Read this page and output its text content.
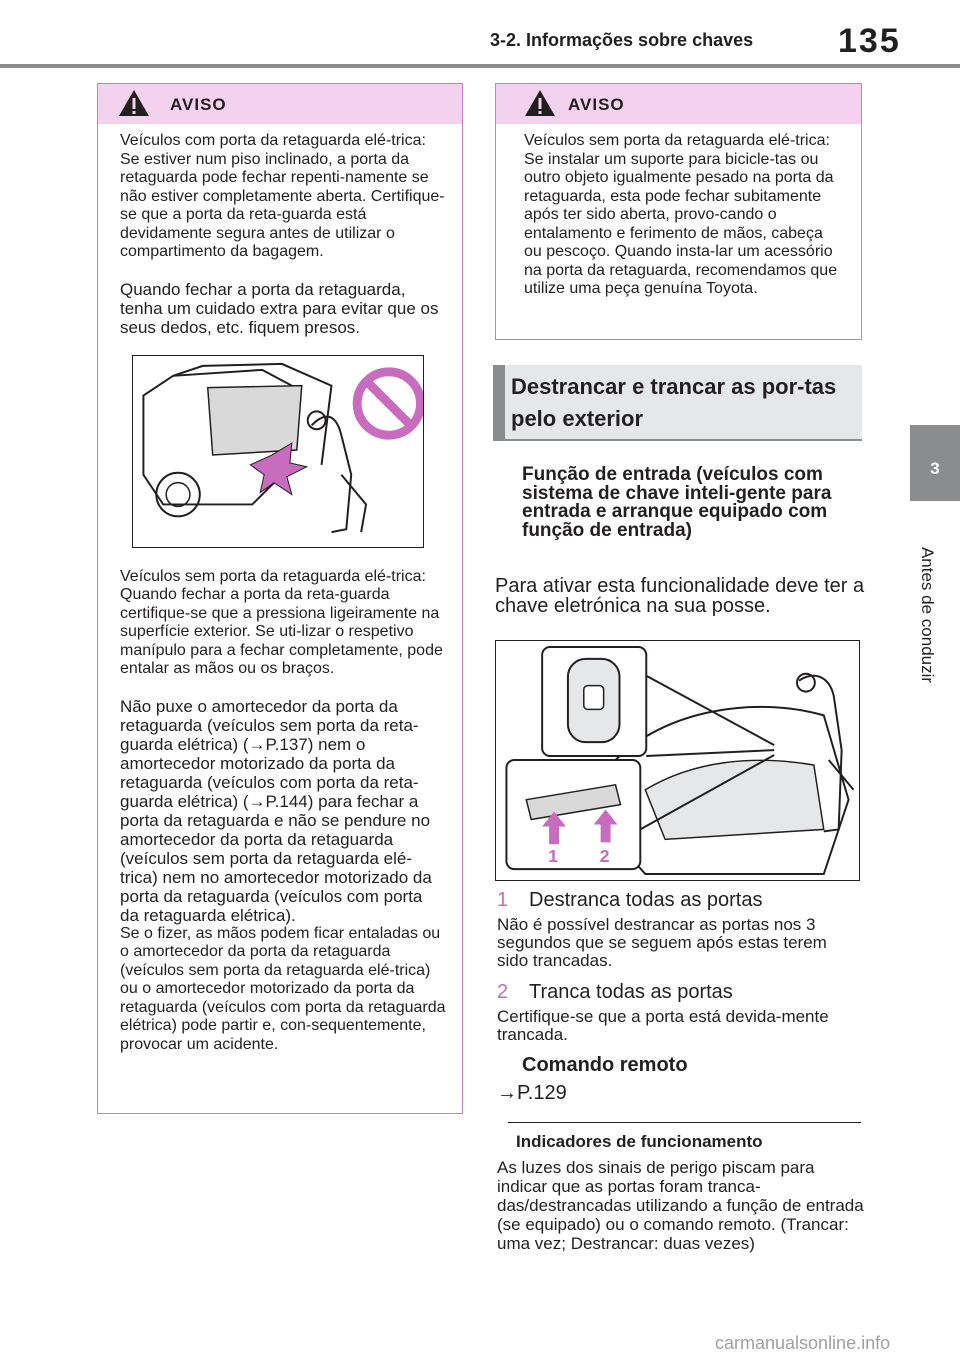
3-2. Informações sobre chaves 135
3
Antes de conduzir
AVISO

Veículos com porta da retaguarda elé-trica: Se estiver num piso inclinado, a porta da retaguarda pode fechar repenti-namente se não estiver completamente aberta. Certifique-se que a porta da reta-guarda está devidamente segura antes de utilizar o compartimento da bagagem.

Quando fechar a porta da retaguarda, tenha um cuidado extra para evitar que os seus dedos, etc. fiquem presos.

Veículos sem porta da retaguarda elé-trica: Quando fechar a porta da reta-guarda certifique-se que a pressiona ligeiramente na superfície exterior. Se uti-lizar o respetivo manípulo para a fechar completamente, pode entalar as mãos ou os braços.

Não puxe o amortecedor da porta da retaguarda (veículos sem porta da reta-guarda elétrica) (→P.137) nem o amortecedor motorizado da porta da retaguarda (veículos com porta da reta-guarda elétrica) (→P.144) para fechar a porta da retaguarda e não se pendure no amortecedor da porta da retaguarda (veículos sem porta da retaguarda elé-trica) nem no amortecedor motorizado da porta da retaguarda (veículos com porta da retaguarda elétrica).

Se o fizer, as mãos podem ficar entaladas ou o amortecedor da porta da retaguarda (veículos sem porta da retaguarda elé-trica) ou o amortecedor motorizado da porta da retaguarda (veículos com porta da retaguarda elétrica) pode partir e, con-sequentemente, provocar um acidente.

AVISO

Veículos sem porta da retaguarda elé-trica: Se instalar um suporte para bicicle-tas ou outro objeto igualmente pesado na porta da retaguarda, esta pode fechar subitamente após ter sido aberta, provo-cando o entalamento e ferimento de mãos, cabeça ou pescoço. Quando insta-lar um acessório na porta da retaguarda, recomendamos que utilize uma peça genuína Toyota.

Destrancar e trancar as por-tas pelo exterior
Função de entrada (veículos com sistema de chave inteli-gente para entrada e arranque equipado com função de entrada)
Para ativar esta funcionalidade deve ter a chave eletrónica na sua posse.
1 2
1 Destranca todas as portas
Não é possível destrancar as portas nos 3 segundos que se seguem após estas terem sido trancadas.
2 Tranca todas as portas
Certifique-se que a porta está devida-mente trancada.
Comando remoto
→P.129
Indicadores de funcionamento
As luzes dos sinais de perigo piscam para indicar que as portas foram tranca-das/destrancadas utilizando a função de entrada (se equipado) ou o comando remoto. (Trancar: uma vez; Destrancar: duas vezes)
carmanualsonline.info
